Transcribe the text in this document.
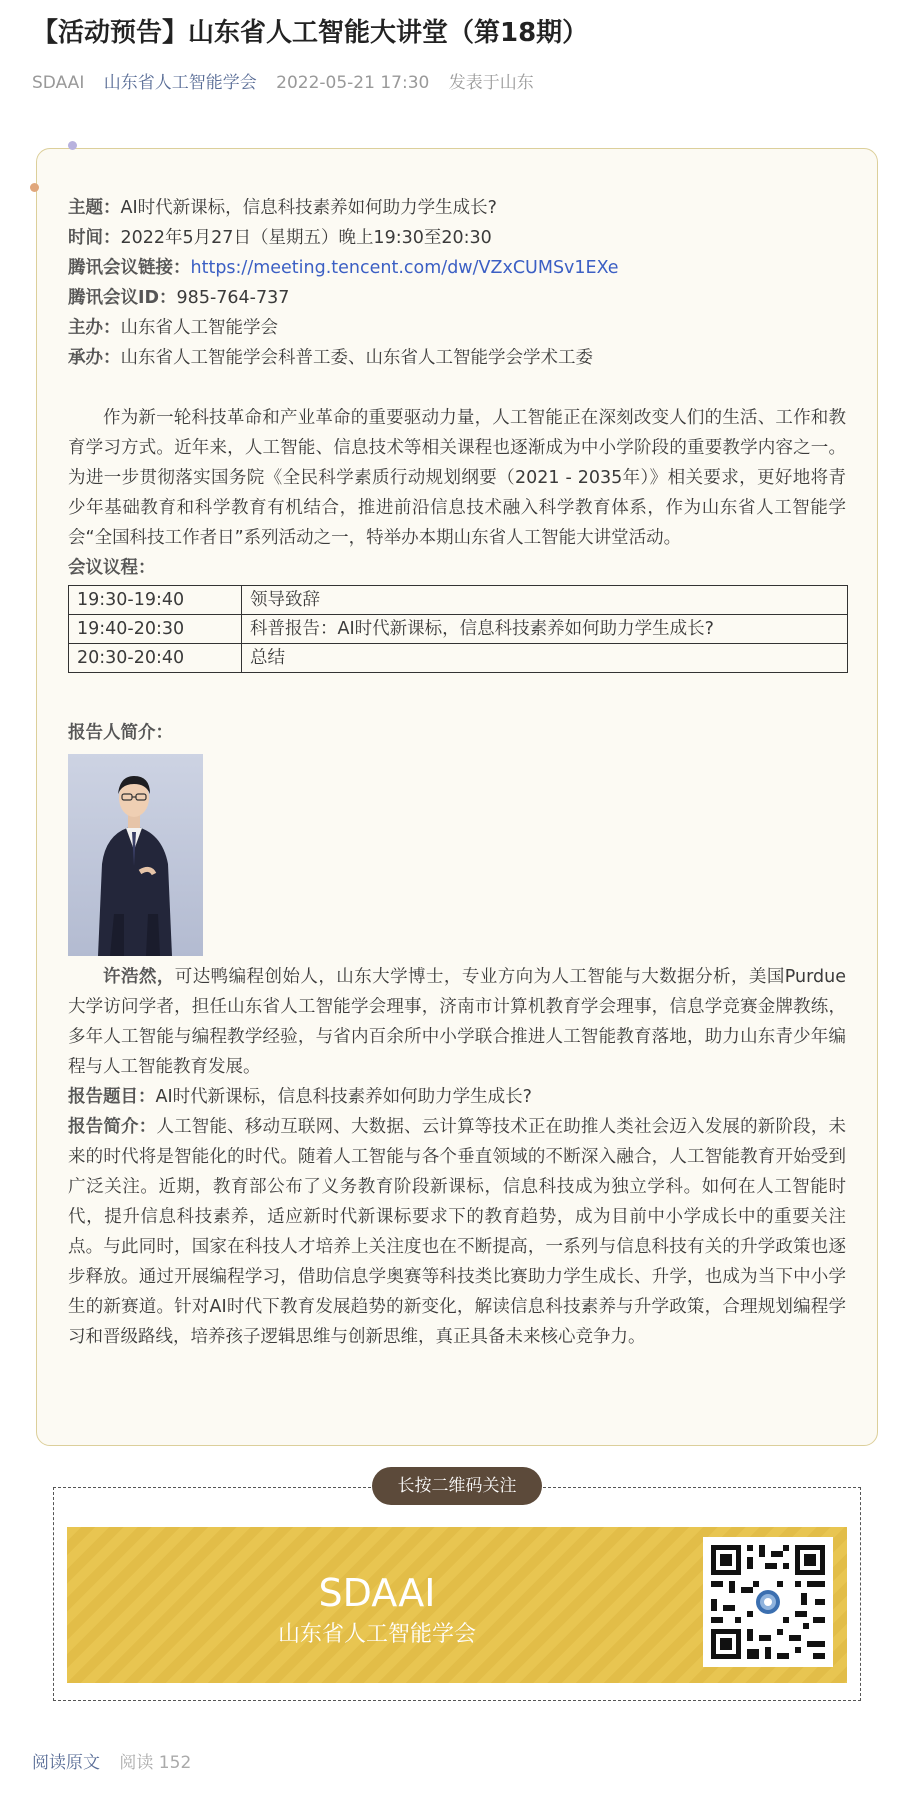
【活动预告】山东省人工智能大讲堂（第18期）
SDAAI 山东省人工智能学会 2022-05-21 17:30 发表于山东
主题：AI时代新课标，信息科技素养如何助力学生成长?
时间：2022年5月27日（星期五）晚上19:30至20:30
腾讯会议链接：https://meeting.tencent.com/dw/VZxCUMSv1EXe
腾讯会议ID：985-764-737
主办：山东省人工智能学会
承办：山东省人工智能学会科普工委、山东省人工智能学会学术工委
作为新一轮科技革命和产业革命的重要驱动力量，人工智能正在深刻改变人们的生活、工作和教育学习方式。近年来，人工智能、信息技术等相关课程也逐渐成为中小学阶段的重要教学内容之一。为进一步贯彻落实国务院《全民科学素质行动规划纲要（2021 - 2035年）》相关要求，更好地将青少年基础教育和科学教育有机结合，推进前沿信息技术融入科学教育体系，作为山东省人工智能学会“全国科技工作者日”系列活动之一，特举办本期山东省人工智能大讲堂活动。
会议议程：
19:30-19:40	领导致辞
19:40-20:30	科普报告：AI时代新课标，信息科技素养如何助力学生成长?
20:30-20:40	总结
报告人简介：
许浩然，可达鸭编程创始人，山东大学博士，专业方向为人工智能与大数据分析，美国Purdue大学访问学者，担任山东省人工智能学会理事，济南市计算机教育学会理事，信息学竞赛金牌教练，多年人工智能与编程教学经验，与省内百余所中小学联合推进人工智能教育落地，助力山东青少年编程与人工智能教育发展。
报告题目：AI时代新课标，信息科技素养如何助力学生成长?
报告简介：人工智能、移动互联网、大数据、云计算等技术正在助推人类社会迈入发展的新阶段，未来的时代将是智能化的时代。随着人工智能与各个垂直领域的不断深入融合，人工智能教育开始受到广泛关注。近期，教育部公布了义务教育阶段新课标，信息科技成为独立学科。如何在人工智能时代，提升信息科技素养，适应新时代新课标要求下的教育趋势，成为目前中小学成长中的重要关注点。与此同时，国家在科技人才培养上关注度也在不断提高，一系列与信息科技有关的升学政策也逐步释放。通过开展编程学习，借助信息学奥赛等科技类比赛助力学生成长、升学，也成为当下中小学生的新赛道。针对AI时代下教育发展趋势的新变化，解读信息科技素养与升学政策，合理规划编程学习和晋级路线，培养孩子逻辑思维与创新思维，真正具备未来核心竞争力。
长按二维码关注
SDAAI
山东省人工智能学会
阅读原文 阅读 152
